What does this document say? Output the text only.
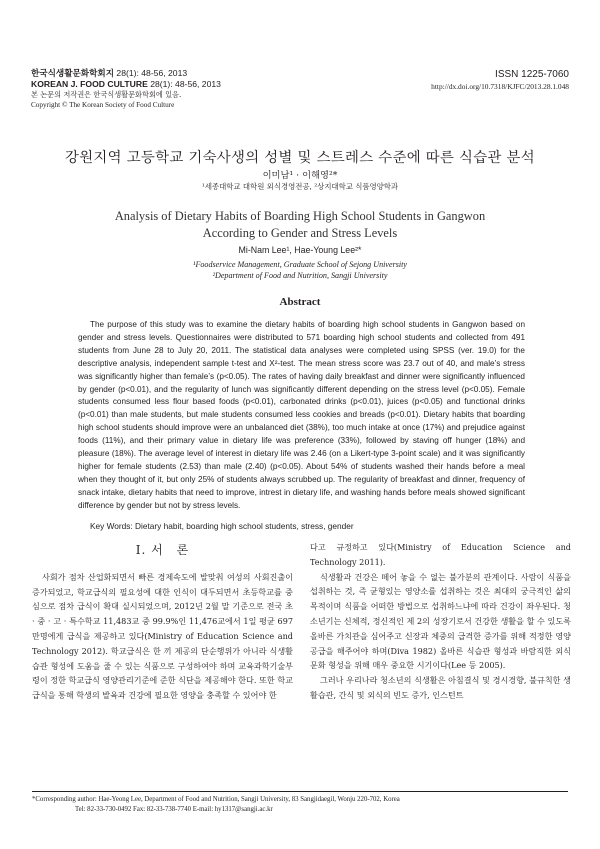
한국식생활문화학회지 28(1): 48-56, 2013
KOREAN J. FOOD CULTURE 28(1): 48-56, 2013
본 논문의 저작권은 한국식생활문화학회에 있음.
Copyright © The Korean Society of Food Culture
ISSN 1225-7060
http://dx.doi.org/10.7318/KJFC/2013.28.1.048
강원지역 고등학교 기숙사생의 성별 및 스트레스 수준에 따른 식습관 분석
이미남¹ · 이해영²*
¹세종대학교 대학원 외식경영전공, ²상지대학교 식품영양학과
Analysis of Dietary Habits of Boarding High School Students in Gangwon
According to Gender and Stress Levels
Mi-Nam Lee¹, Hae-Young Lee²*
¹Foodservice Management, Graduate School of Sejong University
²Department of Food and Nutrition, Sangji University
Abstract

The purpose of this study was to examine the dietary habits of boarding high school students in Gangwon based on gender and stress levels. Questionnaires were distributed to 571 boarding high school students and collected from 491 students from June 28 to July 20, 2011. The statistical data analyses were completed using SPSS (ver. 19.0) for the descriptive analysis, independent sample t-test and X²-test. The mean stress score was 23.7 out of 40, and male’s stress was significantly higher than female’s (p<0.05). The rates of having daily breakfast and dinner were significantly influenced by gender (p<0.01), and the regularity of lunch was significantly different depending on the stress level (p<0.05). Female students consumed less flour based foods (p<0.01), carbonated drinks (p<0.01), juices (p<0.05) and functional drinks (p<0.01) than male students, but male students consumed less cookies and breads (p<0.01). Dietary habits that boarding high school students should improve were an unbalanced diet (38%), too much intake at once (17%) and prejudice against foods (11%), and their primary value in dietary life was preference (33%), followed by staving off hunger (18%) and pleasure (18%). The average level of interest in dietary life was 2.46 (on a Likert-type 3-point scale) and it was significantly higher for female students (2.53) than male (2.40) (p<0.05). About 54% of students washed their hands before a meal when they thought of it, but only 25% of students always scrubbed up. The regularity of breakfast and dinner, frequency of snack intake, dietary habits that need to improve, intrest in dietary life, and washing hands before meals showed significant difference by gender but not by stress levels.

Key Words: Dietary habit, boarding high school students, stress, gender
I. 서　론

사회가 점차 산업화되면서 빠른 경제속도에 발맞춰 여성의 사회진출이 증가되었고, 학교급식의 필요성에 대한 인식이 대두되면서 초등학교를 중심으로 점차 급식이 확대 실시되었으며, 2012년 2월 말 기준으로 전국 초 · 중 · 고 · 특수학교 11,483교 중 99.9%인 11,476교에서 1일 평균 697만명에게 급식을 제공하고 있다(Ministry of Education Science and Technology 2012). 학교급식은 한 끼 제공의 단순행위가 아니라 식생활 습관 형성에 도움을 줄 수 있는 식품으로 구성하여야 하며 교육과학기술부령이 정한 학교급식 영양관리기준에 준한 식단을 제공해야 한다. 또한 학교급식을 통해 학생의 발육과 건강에 필요한 영양을 충족할 수 있어야 한

다고 규정하고 있다(Ministry of Education Science and Technology 2011).

식생활과 건강은 떼어 놓을 수 없는 불가분의 관계이다. 사람이 식품을 섭취하는 것, 즉 균형있는 영양소를 섭취하는 것은 최대의 궁극적인 삶의 목적이며 식품을 어떠한 방법으로 섭취하느냐에 따라 건강이 좌우된다. 청소년기는 신체적, 정신적인 제 2의 성장기로서 건강한 생활을 할 수 있도록 올바른 가치관을 심어주고 신장과 체중의 급격한 증가를 위해 적정한 영양공급을 해주어야 하며(Diva 1982) 올바른 식습관 형성과 바람직한 외식문화 형성을 위해 매우 중요한 시기이다(Lee 등 2005).

그러나 우리나라 청소년의 식생활은 아침결식 및 경시경향, 불규칙한 생활습관, 간식 및 외식의 빈도 증가, 인스턴트

*Corresponding author: Hae-Yeong Lee, Department of Food and Nutrition, Sangji University, 83 Sangjidaegil, Wonju 220-702, Korea
Tel: 82-33-730-0492 Fax: 82-33-738-7740 E-mail: hy1317@sangji.ac.kr
